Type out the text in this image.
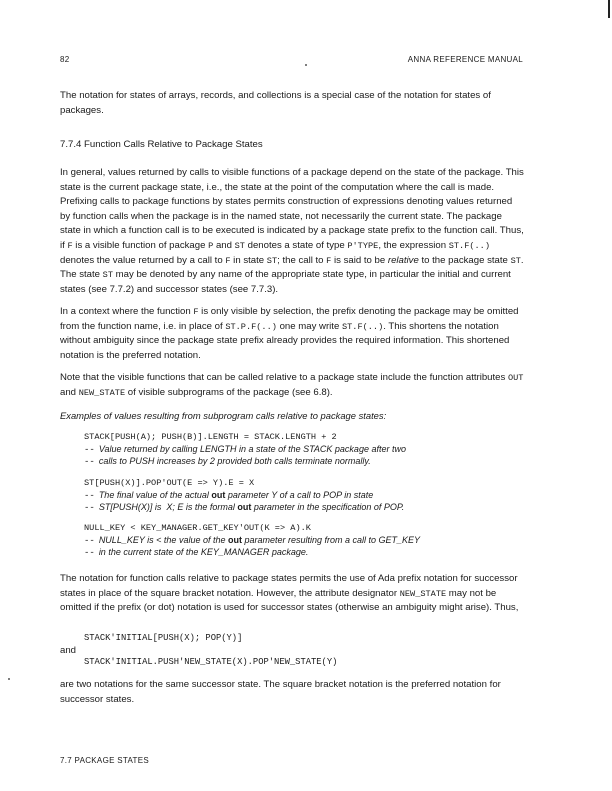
82	ANNA REFERENCE MANUAL

The notation for states of arrays, records, and collections is a special case of the notation for states of packages.

7.7.4 Function Calls Relative to Package States

In general, values returned by calls to visible functions of a package depend on the state of the package. This state is the current package state, i.e., the state at the point of the computation where the call is made. Prefixing calls to package functions by states permits construction of expressions denoting values returned by function calls when the package is in the named state, not necessarily the current state. The package state in which a function call is to be executed is indicated by a package state prefix to the function call. Thus, if F is a visible function of package P and ST denotes a state of type P'TYPE, the expression ST.F(..) denotes the value returned by a call to F in state ST; the call to F is said to be relative to the package state ST. The state ST may be denoted by any name of the appropriate state type, in particular the initial and current states (see 7.7.2) and successor states (see 7.7.3).

In a context where the function F is only visible by selection, the prefix denoting the package may be omitted from the function name, i.e. in place of ST.P.F(..) one may write ST.F(..). This shortens the notation without ambiguity since the package state prefix already provides the required information. This shortened notation is the preferred notation.

Note that the visible functions that can be called relative to a package state include the function attributes OUT and NEW_STATE of visible subprograms of the package (see 6.8).

Examples of values resulting from subprogram calls relative to package states:
STACK[PUSH(A); PUSH(B)].LENGTH = STACK.LENGTH + 2
-- Value returned by calling LENGTH in a state of the STACK package after two
-- calls to PUSH increases by 2 provided both calls terminate normally.
ST[PUSH(X)].POP'OUT(E => Y).E = X
-- The final value of the actual out parameter Y of a call to POP in state
-- ST[PUSH(X)] is  X; E is the formal out parameter in the specification of POP.
NULL_KEY < KEY_MANAGER.GET_KEY'OUT(K => A).K
-- NULL_KEY is < the value of the out parameter resulting from a call to GET_KEY
-- in the current state of the KEY_MANAGER package.

The notation for function calls relative to package states permits the use of Ada prefix notation for successor states in place of the square bracket notation. However, the attribute designator NEW_STATE may not be omitted if the prefix (or dot) notation is used for successor states (otherwise an ambiguity might arise). Thus,

STACK'INITIAL[PUSH(X); POP(Y)]
and
STACK'INITIAL.PUSH'NEW_STATE(X).POP'NEW_STATE(Y)

are two notations for the same successor state. The square bracket notation is the preferred notation for successor states.

7.7 PACKAGE STATES
